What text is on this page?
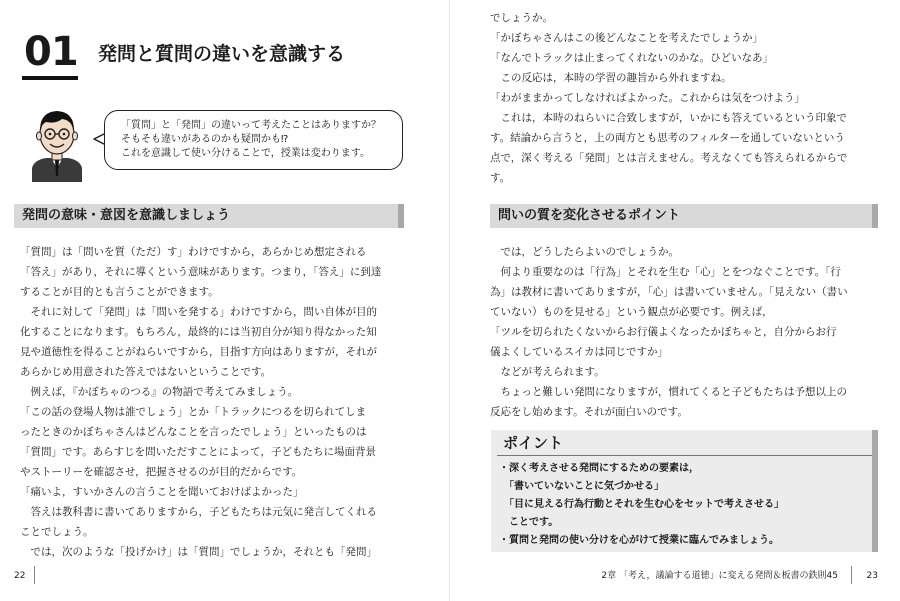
01 発問と質問の違いを意識する
「質問」と「発問」の違いって考えたことはありますか？
そもそも違いがあるのかも疑問かも⁉
これを意識して使い分けることで，授業は変わります。
発問の意味・意図を意識しましょう
「質問」は「問いを質（ただ）す」わけですから，あらかじめ想定される
「答え」があり，それに導くという意味があります。つまり，「答え」に到達
することが目的とも言うことができます。
　それに対して「発問」は「問いを発する」わけですから，問い自体が目的
化することになります。もちろん，最終的には当初自分が知り得なかった知
見や道徳性を得ることがねらいですから，目指す方向はありますが，それが
あらかじめ用意された答えではないということです。
　例えば，『かぼちゃのつる』の物語で考えてみましょう。
「この話の登場人物は誰でしょう」とか「トラックにつるを切られてしま
ったときのかぼちゃさんはどんなことを言ったでしょう」といったものは
「質問」です。あらすじを問いただすことによって，子どもたちに場面背景
やストーリーを確認させ，把握させるのが目的だからです。
「痛いよ，すいかさんの言うことを聞いておけばよかった」
　答えは教科書に書いてありますから，子どもたちは元気に発言してくれる
ことでしょう。
　では，次のような「投げかけ」は「質問」でしょうか，それとも「発問」
22
でしょうか。
「かぼちゃさんはこの後どんなことを考えたでしょうか」
「なんでトラックは止まってくれないのかな。ひどいなあ」
　この反応は，本時の学習の趣旨から外れますね。
「わがままかってしなければよかった。これからは気をつけよう」
　これは，本時のねらいに合致しますが，いかにも答えているという印象で
す。結論から言うと，上の両方とも思考のフィルターを通していないという
点で，深く考える「発問」とは言えません。考えなくても答えられるからで
す。
問いの質を変化させるポイント
　では，どうしたらよいのでしょうか。
　何より重要なのは「行為」とそれを生む「心」とをつなぐことです。「行
為」は教材に書いてありますが，「心」は書いていません。「見えない（書い
ていない）ものを見せる」という観点が必要です。例えば，
「ツルを切られたくないからお行儀よくなったかぼちゃと，自分からお行
儀よくしているスイカは同じですか」
　などが考えられます。
　ちょっと難しい発問になりますが，慣れてくると子どもたちは予想以上の
反応をし始めます。それが面白いのです。
2章 「考え，議論する道徳」に変える発問＆板書の鉄則45	23
ポイント
・深く考えさせる発問にするための要素は，
　「書いていないことに気づかせる」
　「目に見える行為行動とそれを生む心をセットで考えさせる」
　ことです。
・質問と発問の使い分けを心がけて授業に臨んでみましょう。
